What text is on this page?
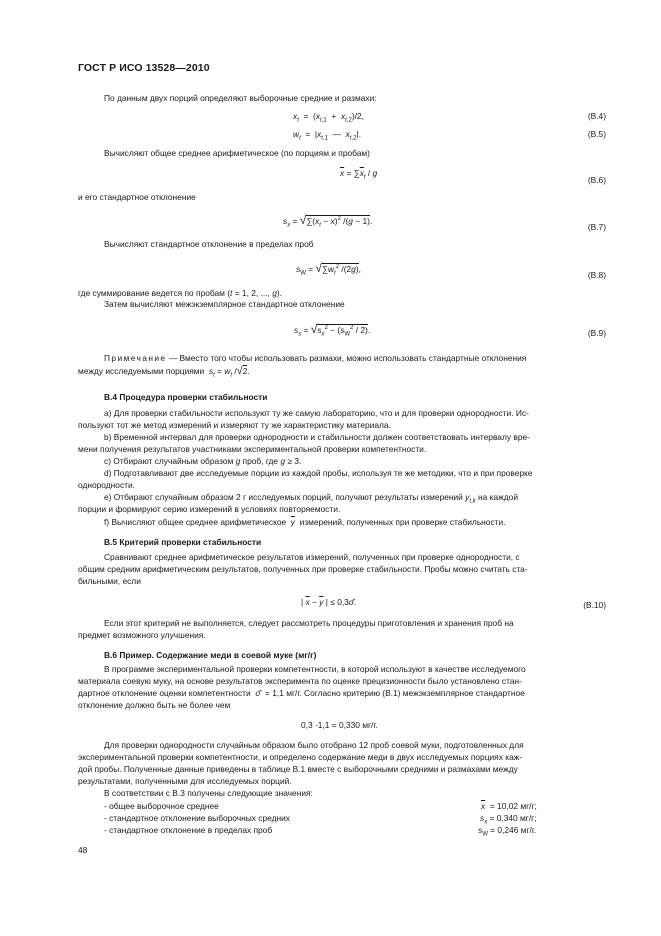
ГОСТ Р ИСО 13528—2010
По данным двух порций определяют выборочные средние и размахи:
$x_t = (x_{t,1} + x_{t,2})/2$,	(B.4)
$w_t = |x_{t,1}$  —  $x_{t,2}|$.	(B.5)
Вычисляют общее среднее арифметическое (по порциям и пробам)
$\overline{x} = \sum\overline{x}_t / g$
(B.6)
и его стандартное отклонение
$s_x = √\sum(x_t - \overline{x})^2$ /(g − 1).
(B.7)
Вычисляют стандартное отклонение в пределах проб
$s_W = √\sum w_t^2$ /(2g),
(B.8)
где суммирование ведется по пробам (t = 1, 2, ..., g).
Затем вычисляют межэкземплярное стандартное отклонение
$s_s = √s_x^2 - (s_W^2 / 2)$.	(B.9)
Примечание — Вместо того чтобы использовать размахи, можно использовать стандартные отклонения
между исследуемыми порциями  $s_t = w_t$ /√2.
B.4 Процедура проверки стабильности
a) Для проверки стабильности используют ту же самую лабораторию, что и для проверки однородности. Ис-
пользуют тот же метод измерений и измеряют ту же характеристику материала.
b) Временной интервал для проверки однородности и стабильности должен соответствовать интервалу вре-
мени получения результатов участниками экспериментальной проверки компетентности.
c) Отбирают случайным образом g проб, где g ≥ 3.
d) Подготавливают две исследуемые порции из каждой пробы, используя те же методики, что и при проверке
однородности.
e) Отбирают случайным образом 2 г исследуемых порций, получают результаты измерений $y_{t,k}$ на каждой
порции и формируют серию измерений в условиях повторяемости.
f) Вычисляют общее среднее арифметическое  $\overline{y}$  измерений, полученных при проверке стабильности.
B.5 Критерий проверки стабильности
Сравнивают среднее арифметическое результатов измерений, полученных при проверке однородности, с
общим средним арифметическим результатов, полученных при проверке стабильности. Пробы можно считать ста-
бильными, если
| $\overline{x} - \overline{y}$ | ≤ 0,3σ̂.	(B.10)
Если этот критерий не выполняется, следует рассмотреть процедуры приготовления и хранения проб на
предмет возможного улучшения.
B.6 Пример. Содержание меди в соевой муке (мг/г)
В программе экспериментальной проверки компетентности, в которой используют в качестве исследуемого
материала соевую муку, на основе результатов эксперимента по оценке прецизионности было установлено стан-
дартное отклонение оценки компетентности  σ̂  = 1,1 мг/г. Согласно критерию (B.1) межэкземплярное стандартное
отклонение должно быть не более чем
0,3 ·1,1 = 0,330 мг/г.
Для проверки однородности случайным образом было отобрано 12 проб соевой муки, подготовленных для
экспериментальной проверки компетентности, и определено содержание меди в двух исследуемых порциях каж-
дой пробы. Полученные данные приведены в таблице B.1 вместе с выборочными средними и размахами между
результатами, полученными для исследуемых порций.
В соответствии с B.3 получены следующие значения:
- общее выборочное среднее	$\overline{x} = 10,02$ мг/г;
- стандартное отклонение выборочных средних	$s_x = 0,340$ мг/г;
- стандартное отклонение в пределах проб	$s_W = 0,246$ мг/г.
48
